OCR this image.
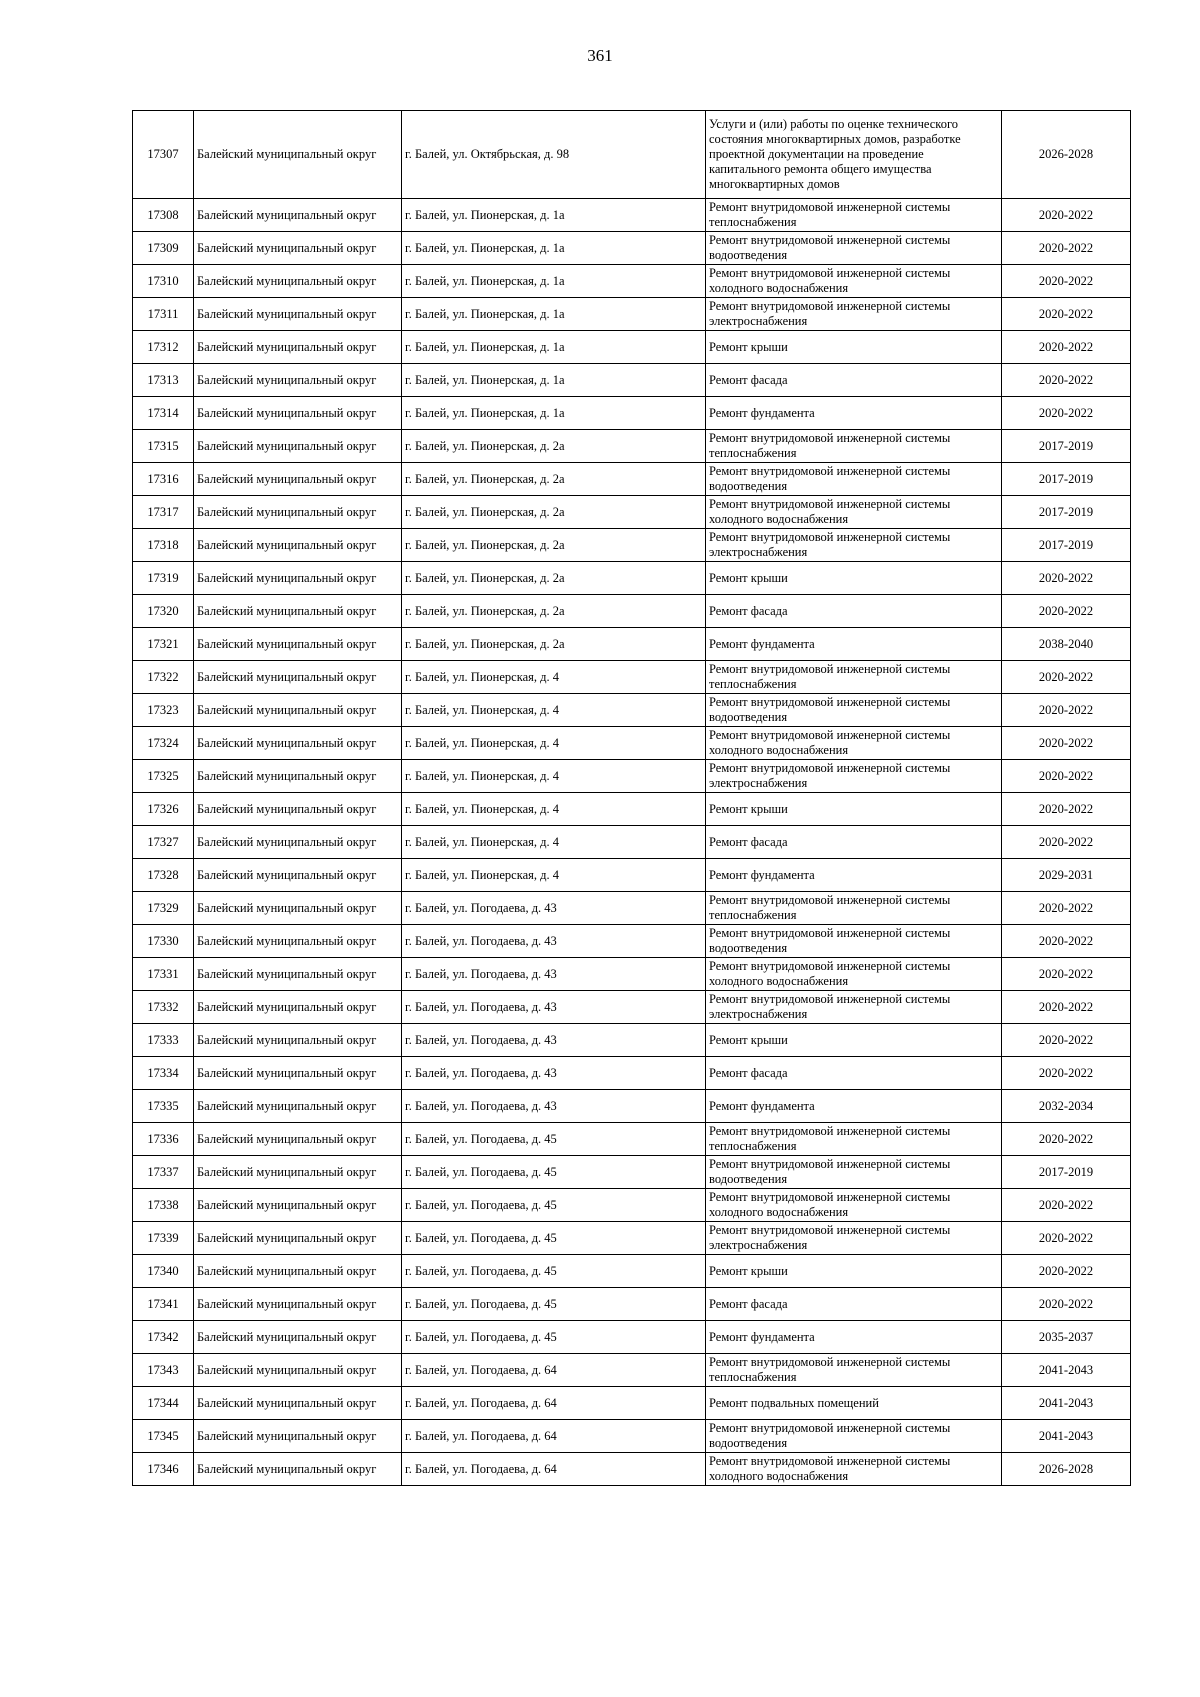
361
17307	Балейский муниципальный округ	г. Балей, ул. Октябрьская, д. 98	Услуги и (или) работы по оценке технического состояния многоквартирных домов, разработке проектной документации на проведение капитального ремонта общего имущества многоквартирных домов	2026-2028
17308	Балейский муниципальный округ	г. Балей, ул. Пионерская, д. 1а	Ремонт внутридомовой инженерной системы теплоснабжения	2020-2022
17309	Балейский муниципальный округ	г. Балей, ул. Пионерская, д. 1а	Ремонт внутридомовой инженерной системы водоотведения	2020-2022
17310	Балейский муниципальный округ	г. Балей, ул. Пионерская, д. 1а	Ремонт внутридомовой инженерной системы холодного водоснабжения	2020-2022
17311	Балейский муниципальный округ	г. Балей, ул. Пионерская, д. 1а	Ремонт внутридомовой инженерной системы электроснабжения	2020-2022
17312	Балейский муниципальный округ	г. Балей, ул. Пионерская, д. 1а	Ремонт крыши	2020-2022
17313	Балейский муниципальный округ	г. Балей, ул. Пионерская, д. 1а	Ремонт фасада	2020-2022
17314	Балейский муниципальный округ	г. Балей, ул. Пионерская, д. 1а	Ремонт фундамента	2020-2022
17315	Балейский муниципальный округ	г. Балей, ул. Пионерская, д. 2а	Ремонт внутридомовой инженерной системы теплоснабжения	2017-2019
17316	Балейский муниципальный округ	г. Балей, ул. Пионерская, д. 2а	Ремонт внутридомовой инженерной системы водоотведения	2017-2019
17317	Балейский муниципальный округ	г. Балей, ул. Пионерская, д. 2а	Ремонт внутридомовой инженерной системы холодного водоснабжения	2017-2019
17318	Балейский муниципальный округ	г. Балей, ул. Пионерская, д. 2а	Ремонт внутридомовой инженерной системы электроснабжения	2017-2019
17319	Балейский муниципальный округ	г. Балей, ул. Пионерская, д. 2а	Ремонт крыши	2020-2022
17320	Балейский муниципальный округ	г. Балей, ул. Пионерская, д. 2а	Ремонт фасада	2020-2022
17321	Балейский муниципальный округ	г. Балей, ул. Пионерская, д. 2а	Ремонт фундамента	2038-2040
17322	Балейский муниципальный округ	г. Балей, ул. Пионерская, д. 4	Ремонт внутридомовой инженерной системы теплоснабжения	2020-2022
17323	Балейский муниципальный округ	г. Балей, ул. Пионерская, д. 4	Ремонт внутридомовой инженерной системы водоотведения	2020-2022
17324	Балейский муниципальный округ	г. Балей, ул. Пионерская, д. 4	Ремонт внутридомовой инженерной системы холодного водоснабжения	2020-2022
17325	Балейский муниципальный округ	г. Балей, ул. Пионерская, д. 4	Ремонт внутридомовой инженерной системы электроснабжения	2020-2022
17326	Балейский муниципальный округ	г. Балей, ул. Пионерская, д. 4	Ремонт крыши	2020-2022
17327	Балейский муниципальный округ	г. Балей, ул. Пионерская, д. 4	Ремонт фасада	2020-2022
17328	Балейский муниципальный округ	г. Балей, ул. Пионерская, д. 4	Ремонт фундамента	2029-2031
17329	Балейский муниципальный округ	г. Балей, ул. Погодаева, д. 43	Ремонт внутридомовой инженерной системы теплоснабжения	2020-2022
17330	Балейский муниципальный округ	г. Балей, ул. Погодаева, д. 43	Ремонт внутридомовой инженерной системы водоотведения	2020-2022
17331	Балейский муниципальный округ	г. Балей, ул. Погодаева, д. 43	Ремонт внутридомовой инженерной системы холодного водоснабжения	2020-2022
17332	Балейский муниципальный округ	г. Балей, ул. Погодаева, д. 43	Ремонт внутридомовой инженерной системы электроснабжения	2020-2022
17333	Балейский муниципальный округ	г. Балей, ул. Погодаева, д. 43	Ремонт крыши	2020-2022
17334	Балейский муниципальный округ	г. Балей, ул. Погодаева, д. 43	Ремонт фасада	2020-2022
17335	Балейский муниципальный округ	г. Балей, ул. Погодаева, д. 43	Ремонт фундамента	2032-2034
17336	Балейский муниципальный округ	г. Балей, ул. Погодаева, д. 45	Ремонт внутридомовой инженерной системы теплоснабжения	2020-2022
17337	Балейский муниципальный округ	г. Балей, ул. Погодаева, д. 45	Ремонт внутридомовой инженерной системы водоотведения	2017-2019
17338	Балейский муниципальный округ	г. Балей, ул. Погодаева, д. 45	Ремонт внутридомовой инженерной системы холодного водоснабжения	2020-2022
17339	Балейский муниципальный округ	г. Балей, ул. Погодаева, д. 45	Ремонт внутридомовой инженерной системы электроснабжения	2020-2022
17340	Балейский муниципальный округ	г. Балей, ул. Погодаева, д. 45	Ремонт крыши	2020-2022
17341	Балейский муниципальный округ	г. Балей, ул. Погодаева, д. 45	Ремонт фасада	2020-2022
17342	Балейский муниципальный округ	г. Балей, ул. Погодаева, д. 45	Ремонт фундамента	2035-2037
17343	Балейский муниципальный округ	г. Балей, ул. Погодаева, д. 64	Ремонт внутридомовой инженерной системы теплоснабжения	2041-2043
17344	Балейский муниципальный округ	г. Балей, ул. Погодаева, д. 64	Ремонт подвальных помещений	2041-2043
17345	Балейский муниципальный округ	г. Балей, ул. Погодаева, д. 64	Ремонт внутридомовой инженерной системы водоотведения	2041-2043
17346	Балейский муниципальный округ	г. Балей, ул. Погодаева, д. 64	Ремонт внутридомовой инженерной системы холодного водоснабжения	2026-2028
